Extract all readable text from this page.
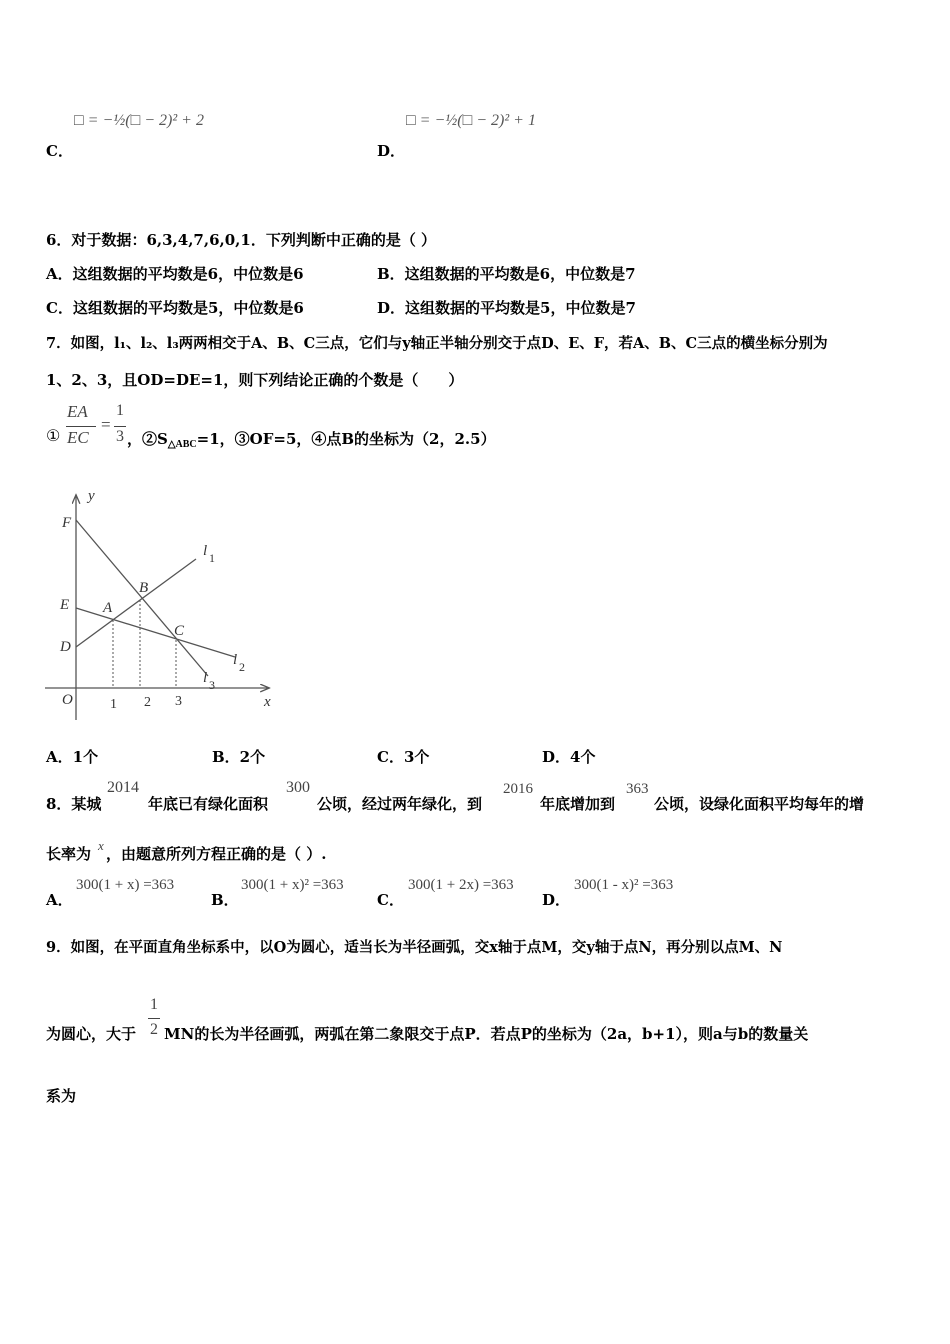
□ = −½(□ − 2)² + 2
C．
□ = −½(□ − 2)² + 1
D．
6．对于数据：6,3,4,7,6,0,1．下列判断中正确的是（ ）
A．这组数据的平均数是6，中位数是6	B．这组数据的平均数是6，中位数是7
C．这组数据的平均数是5，中位数是6	D．这组数据的平均数是5，中位数是7
7．如图，l₁、l₂、l₃两两相交于A、B、C三点，它们与y轴正半轴分别交于点D、E、F，若A、B、C三点的横坐标分别为
1、2、3，且OD=DE=1，则下列结论正确的个数是（　　）
①
EA
EC
=
1
3 ，$②S_{\triangle ABC}=1$，③OF=5，④点B的坐标为（2，2.5）
y
x
O
F
E
D
A
B
C
l 1
l 2
l 3
1 2 3
A．1个	B．2个	C．3个	D．4个
8．某城
2014
年底已有绿化面积
300
公顷，经过两年绿化，到
2016
年底增加到
363
公顷，设绿化面积平均每年的增
长率为 x ，由题意所列方程正确的是（ ）.
A．
300(1 + x) =363
B．
300(1 + x)² =363
C．
300(1 + 2x) =363
D．
300(1 - x)² =363
9．如图，在平面直角坐标系中，以O为圆心，适当长为半径画弧，交x轴于点M，交y轴于点N，再分别以点M、N
为圆心，大于
1
2 MN的长为半径画弧，两弧在第二象限交于点P．若点P的坐标为（2a，b+1），则a与b的数量关
系为
